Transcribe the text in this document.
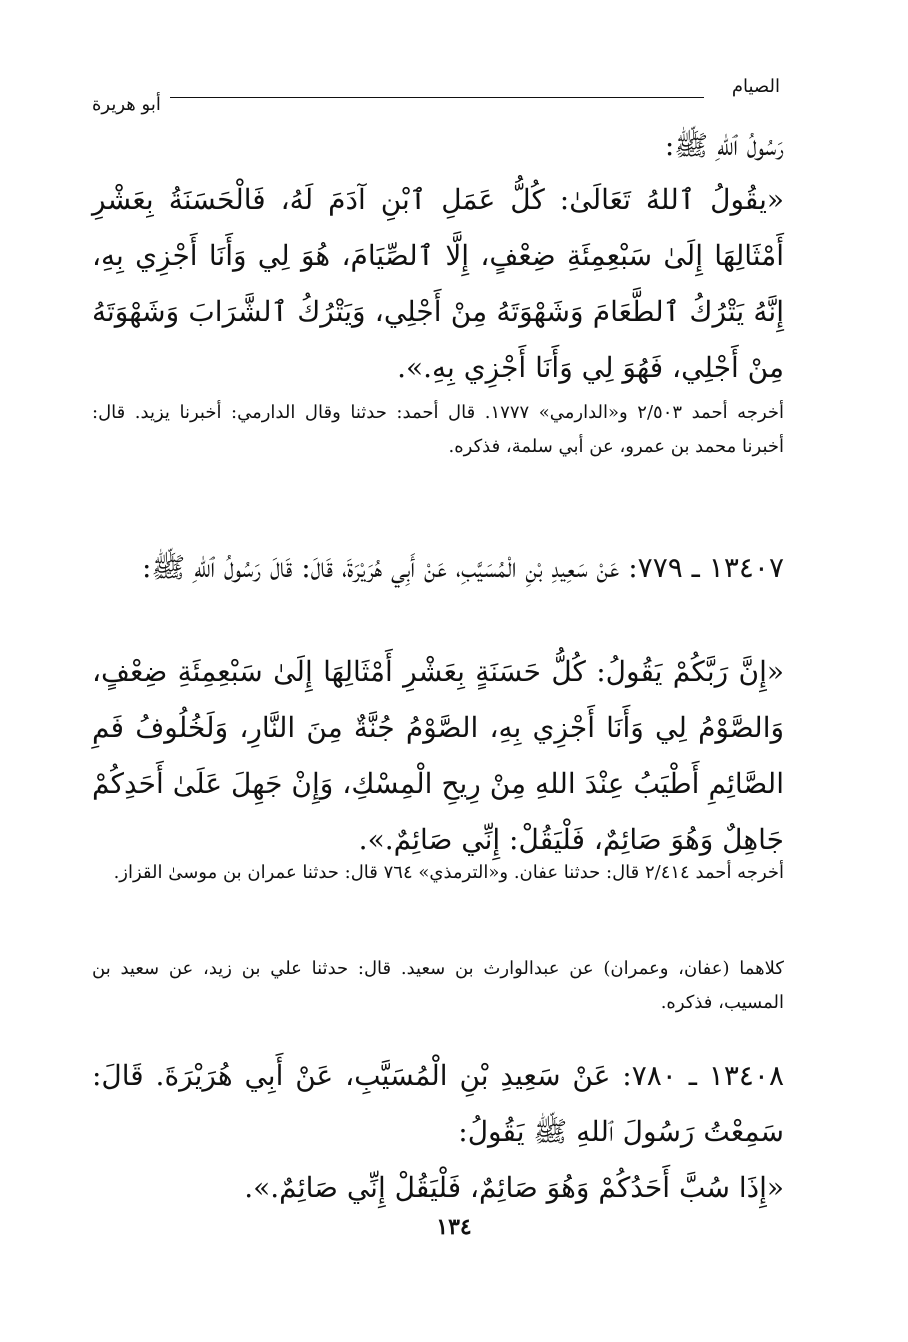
الصيام
أبو هريرة
رَسُولُ ٱللهِ ﷺ:
«يقُولُ ٱللهُ تَعَالَىٰ: كُلُّ عَمَلِ ٱبْنِ آدَمَ لَهُ، فَالْحَسَنَةُ بِعَشْرِ أَمْثَالِهَا إِلَىٰ سَبْعِمِئَةِ ضِعْفٍ، إِلَّا ٱلصِّيَامَ، هُوَ لِي وَأَنَا أَجْزِي بِهِ، إِنَّهُ يَتْرُكُ ٱلطَّعَامَ وَشَهْوَتَهُ مِنْ أَجْلِي، وَيَتْرُكُ ٱلشَّرَابَ وَشَهْوَتَهُ مِنْ أَجْلِي، فَهُوَ لِي وَأَنَا أَجْزِي بِهِ.».
أخرجه أحمد ٢/٥٠٣ و«الدارمي» ١٧٧٧. قال أحمد: حدثنا وقال الدارمي: أخبرنا يزيد. قال: أخبرنا محمد بن عمرو، عن أبي سلمة، فذكره.
١٣٤٠٧ ـ ٧٧٩: عَنْ سَعِيدِ بْنِ الْمُسَيَّبِ، عَنْ أَبِي هُرَيْرَةَ، قَالَ: قَالَ رَسُولُ ٱللهِ ﷺ:
«إِنَّ رَبَّكُمْ يَقُولُ: كُلُّ حَسَنَةٍ بِعَشْرِ أَمْثَالِهَا إِلَىٰ سَبْعِمِئَةِ ضِعْفٍ، وَالصَّوْمُ لِي وَأَنَا أَجْزِي بِهِ، الصَّوْمُ جُنَّةٌ مِنَ النَّارِ، وَلَخُلُوفُ فَمِ الصَّائِمِ أَطْيَبُ عِنْدَ اللهِ مِنْ رِيحِ الْمِسْكِ، وَإِنْ جَهِلَ عَلَىٰ أَحَدِكُمْ جَاهِلٌ وَهُوَ صَائِمٌ، فَلْيَقُلْ: إِنِّي صَائِمٌ.».
أخرجه أحمد ٢/٤١٤ قال: حدثنا عفان. و«الترمذي» ٧٦٤ قال: حدثنا عمران بن موسىٰ القزاز.
كلاهما (عفان، وعمران) عن عبدالوارث بن سعيد. قال: حدثنا علي بن زيد، عن سعيد بن المسيب، فذكره.
١٣٤٠٨ ـ ٧٨٠: عَنْ سَعِيدِ بْنِ الْمُسَيَّبِ، عَنْ أَبِي هُرَيْرَةَ. قَالَ: سَمِعْتُ رَسُولَ ٱللهِ ﷺ يَقُولُ:
«إِذَا سُبَّ أَحَدُكُمْ وَهُوَ صَائِمٌ، فَلْيَقُلْ إِنِّي صَائِمٌ.».
١٣٤
